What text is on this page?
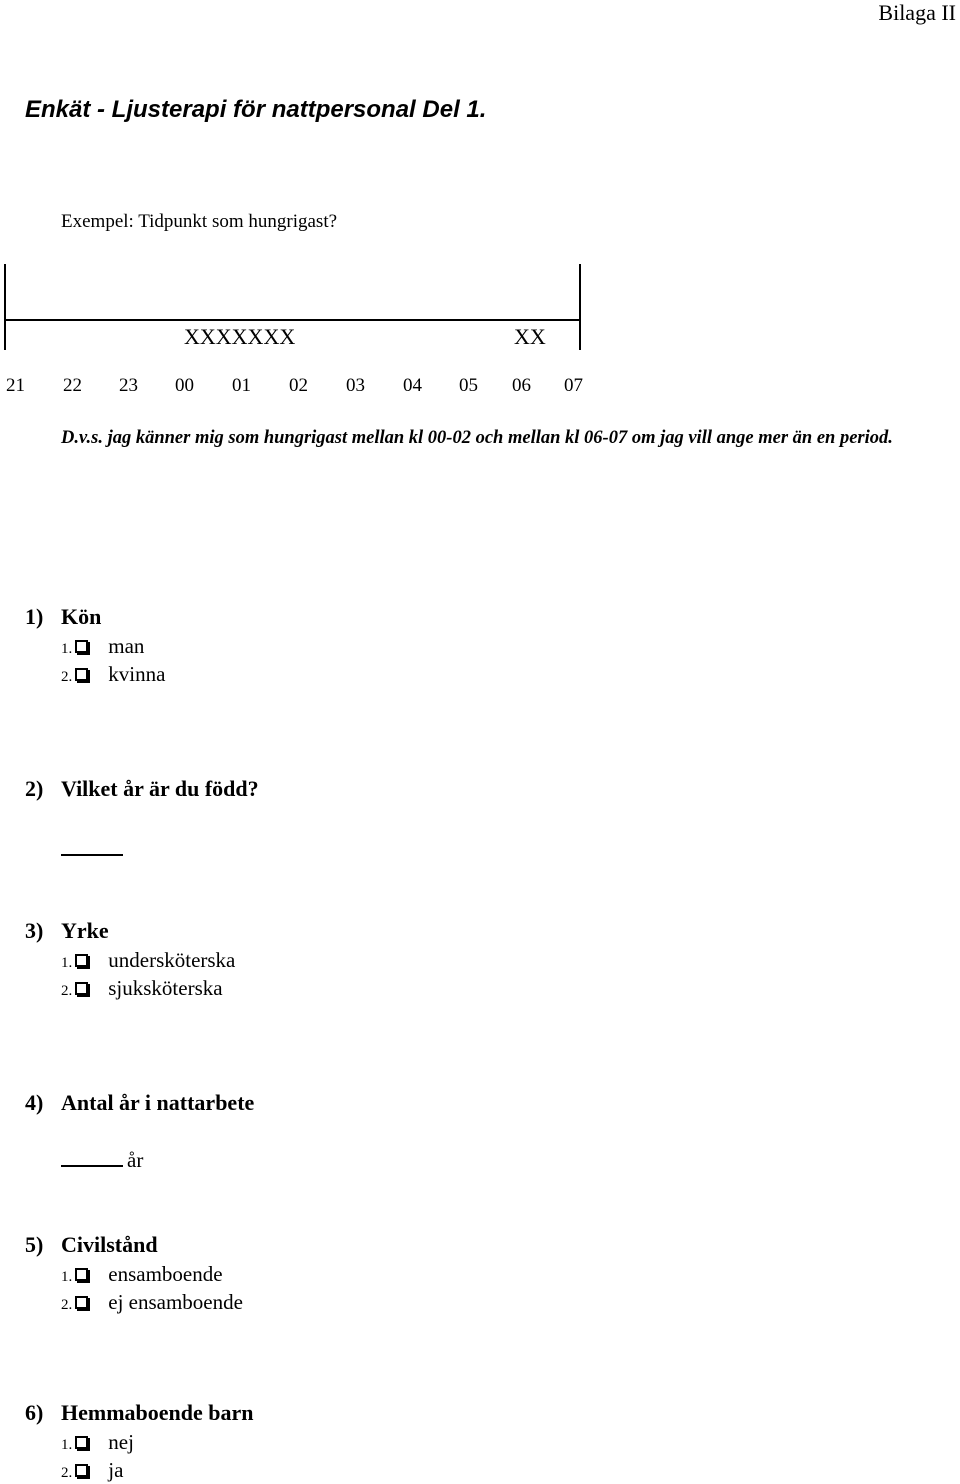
Bilaga II
Enkät - Ljusterapi för nattpersonal Del 1.
Exempel: Tidpunkt som hungrigast?
XXXXXXX	XX
21 22 23 00 01 02 03 04 05 06 07
D.v.s. jag känner mig som hungrigast mellan kl 00-02 och mellan kl 06-07 om jag vill ange mer än en period.
1) Kön
1. man
2. kvinna
2) Vilket år är du född?
3) Yrke
1. undersköterska
2. sjuksköterska
4) Antal år i nattarbete
år
5) Civilstånd
1. ensamboende
2. ej ensamboende
6) Hemmaboende barn
1. nej
2. ja
